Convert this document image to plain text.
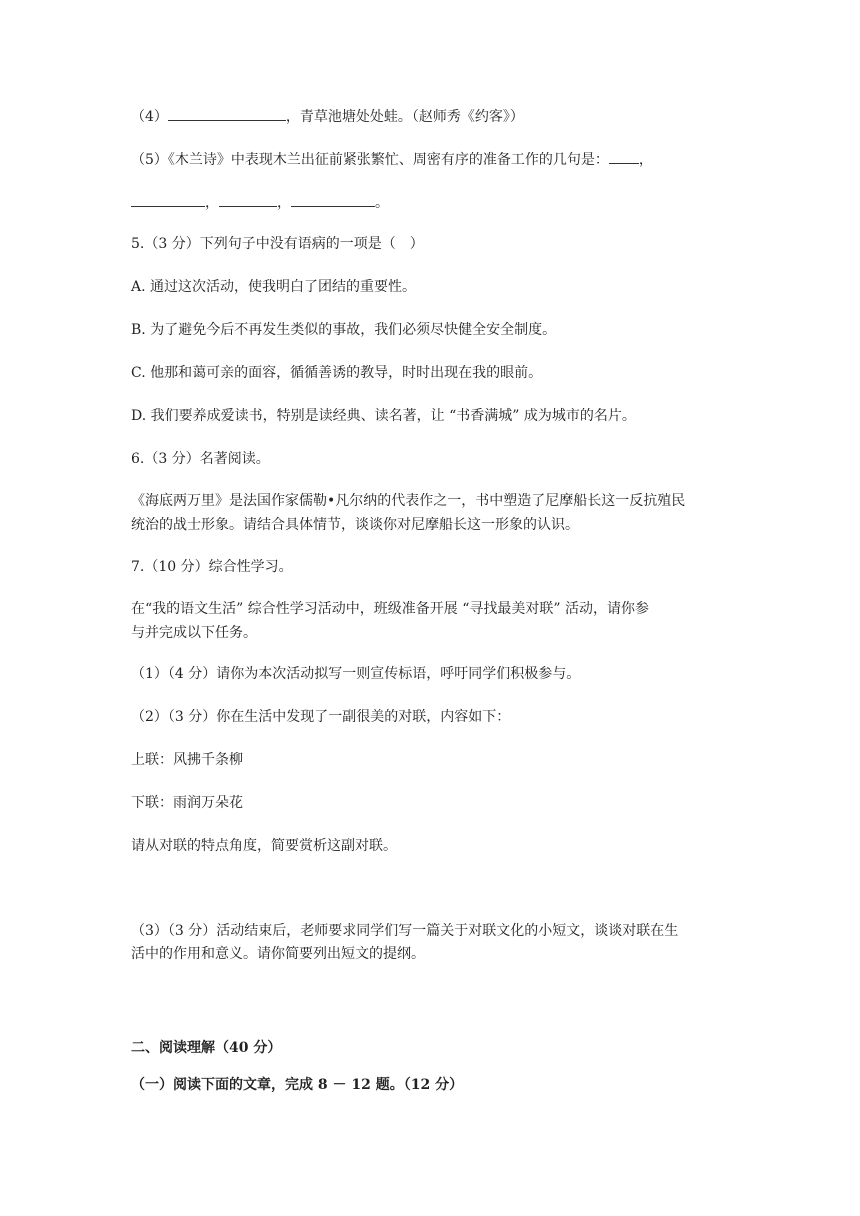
（4）	，青草池塘处处蛙。（赵师秀《约客》）
（5）《木兰诗》中表现木兰出征前紧张繁忙、周密有序的准备工作的几句是： ，
，	，	。
5.（3 分）下列句子中没有语病的一项是（　）
A. 通过这次活动，使我明白了团结的重要性。
B. 为了避免今后不再发生类似的事故，我们必须尽快健全安全制度。
C. 他那和蔼可亲的面容，循循善诱的教导，时时出现在我的眼前。
D. 我们要养成爱读书，特别是读经典、读名著，让 “书香满城” 成为城市的名片。
6.（3 分）名著阅读。
《海底两万里》是法国作家儒勒•凡尔纳的代表作之一，书中塑造了尼摩船长这一反抗殖民
统治的战士形象。请结合具体情节，谈谈你对尼摩船长这一形象的认识。
7.（10 分）综合性学习。
在“我的语文生活” 综合性学习活动中，班级准备开展 “寻找最美对联” 活动，请你参
与并完成以下任务。
（1）（4 分）请你为本次活动拟写一则宣传标语，呼吁同学们积极参与。
（2）（3 分）你在生活中发现了一副很美的对联，内容如下：
上联：风拂千条柳
下联：雨润万朵花
请从对联的特点角度，简要赏析这副对联。
（3）（3 分）活动结束后，老师要求同学们写一篇关于对联文化的小短文，谈谈对联在生
活中的作用和意义。请你简要列出短文的提纲。
二、阅读理解（40 分）
（一）阅读下面的文章，完成 8 － 12 题。（12 分）
